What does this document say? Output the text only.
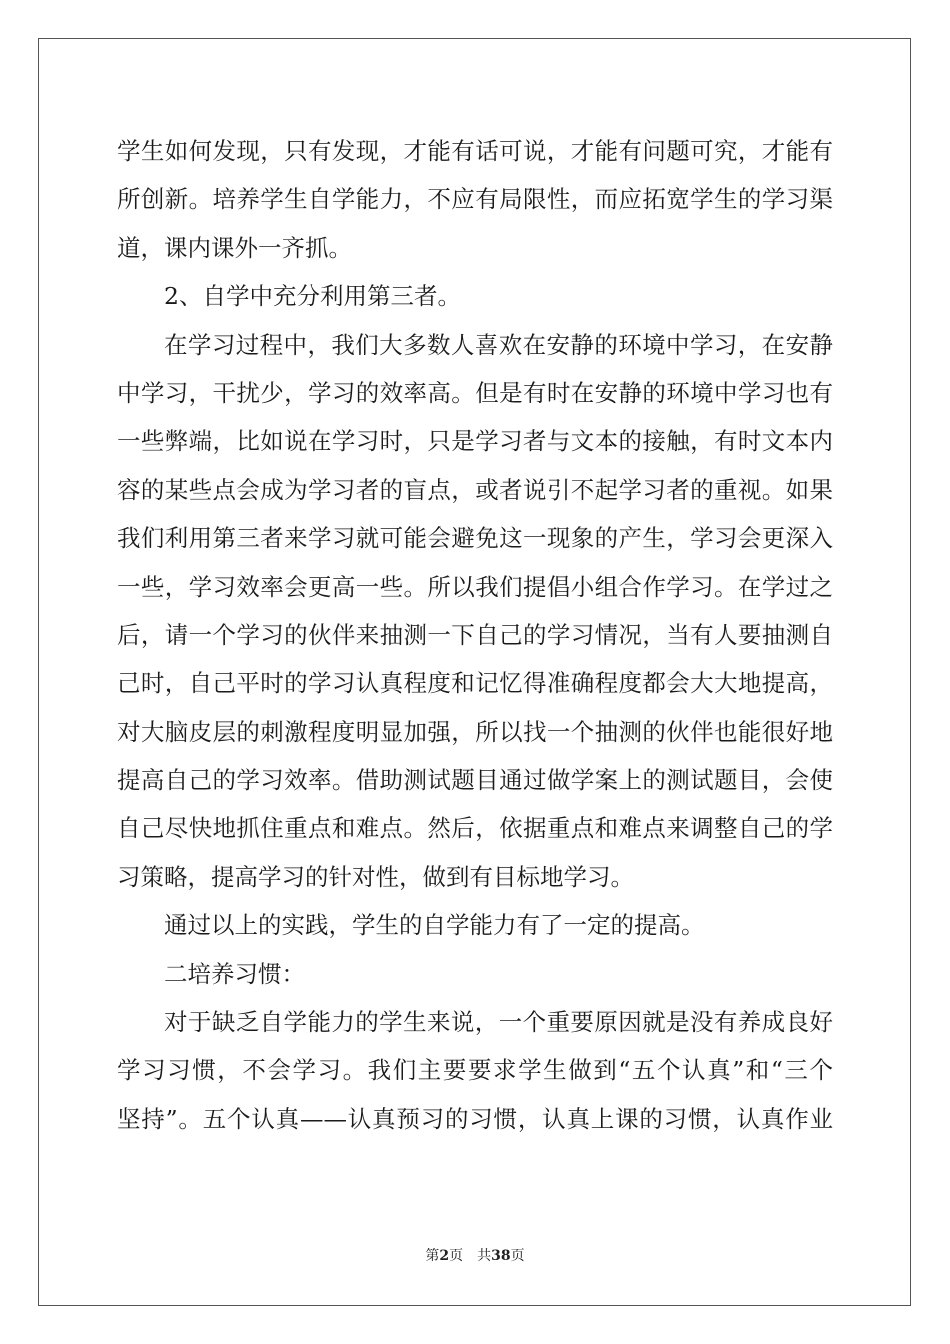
学生如何发现，只有发现，才能有话可说，才能有问题可究，才能有
所创新。培养学生自学能力，不应有局限性，而应拓宽学生的学习渠
道，课内课外一齐抓。
2、自学中充分利用第三者。
在学习过程中，我们大多数人喜欢在安静的环境中学习，在安静
中学习，干扰少，学习的效率高。但是有时在安静的环境中学习也有
一些弊端，比如说在学习时，只是学习者与文本的接触，有时文本内
容的某些点会成为学习者的盲点，或者说引不起学习者的重视。如果
我们利用第三者来学习就可能会避免这一现象的产生，学习会更深入
一些，学习效率会更高一些。所以我们提倡小组合作学习。在学过之
后，请一个学习的伙伴来抽测一下自己的学习情况，当有人要抽测自
己时，自己平时的学习认真程度和记忆得准确程度都会大大地提高，
对大脑皮层的刺激程度明显加强，所以找一个抽测的伙伴也能很好地
提高自己的学习效率。借助测试题目通过做学案上的测试题目，会使
自己尽快地抓住重点和难点。然后，依据重点和难点来调整自己的学
习策略，提高学习的针对性，做到有目标地学习。
通过以上的实践，学生的自学能力有了一定的提高。
二培养习惯：
对于缺乏自学能力的学生来说，一个重要原因就是没有养成良好
学习习惯，不会学习。我们主要要求学生做到“五个认真”和“三个
坚持”。五个认真——认真预习的习惯，认真上课的习惯，认真作业
第2页 共38页
